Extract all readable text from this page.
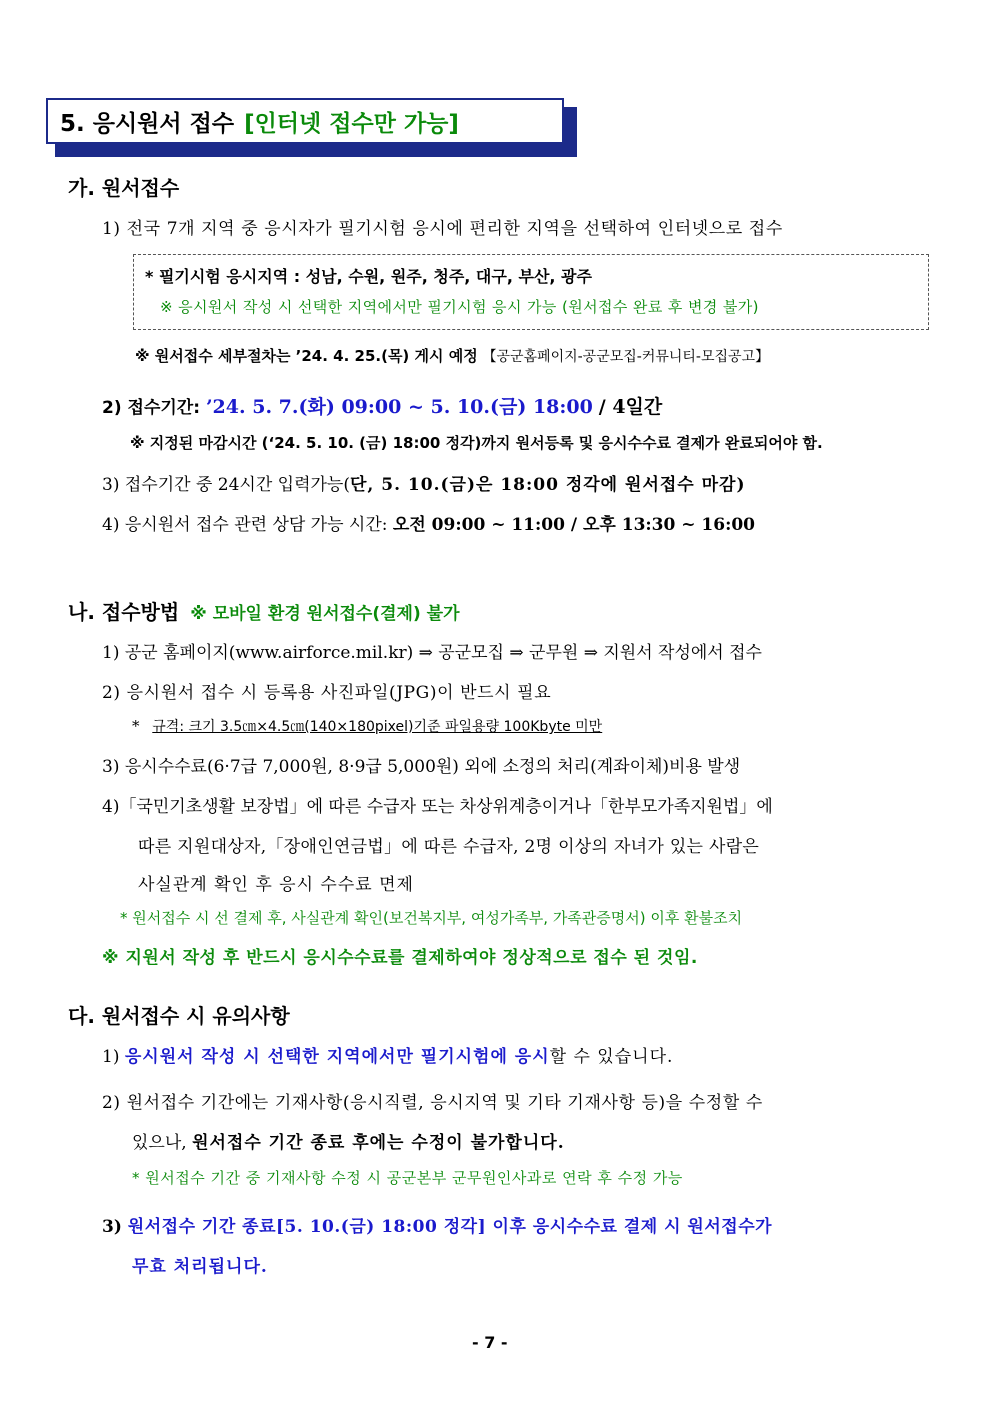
5. 응시원서 접수 [인터넷 접수만 가능]
가. 원서접수
1) 전국 7개 지역 중 응시자가 필기시험 응시에 편리한 지역을 선택하여 인터넷으로 접수
* 필기시험 응시지역 : 성남, 수원, 원주, 청주, 대구, 부산, 광주
※ 응시원서 작성 시 선택한 지역에서만 필기시험 응시 가능 (원서접수 완료 후 변경 불가)
※ 원서접수 세부절차는 ’24. 4. 25.(목) 게시 예정 【공군홈페이지-공군모집-커뮤니티-모집공고】
2) 접수기간: ’24. 5. 7.(화) 09:00 ~ 5. 10.(금) 18:00 / 4일간
※ 지정된 마감시간 (‘24. 5. 10. (금) 18:00 정각)까지 원서등록 및 응시수수료 결제가 완료되어야 함.
3) 접수기간 중 24시간 입력가능(단, 5. 10.(금)은 18:00 정각에 원서접수 마감)
4) 응시원서 접수 관련 상담 가능 시간: 오전 09:00 ~ 11:00 / 오후 13:30 ~ 16:00
나. 접수방법 ※ 모바일 환경 원서접수(결제) 불가
1) 공군 홈페이지(www.airforce.mil.kr) ⇒ 공군모집 ⇒ 군무원 ⇒ 지원서 작성에서 접수
2) 응시원서 접수 시 등록용 사진파일(JPG)이 반드시 필요
* 규격: 크기 3.5㎝×4.5㎝(140×180pixel)기준 파일용량 100Kbyte 미만
3) 응시수수료(6·7급 7,000원, 8·9급 5,000원) 외에 소정의 처리(계좌이체)비용 발생
4)「국민기초생활 보장법」에 따른 수급자 또는 차상위계층이거나「한부모가족지원법」에
따른 지원대상자,「장애인연금법」에 따른 수급자, 2명 이상의 자녀가 있는 사람은
사실관계 확인 후 응시 수수료 면제
* 원서접수 시 선 결제 후, 사실관계 확인(보건복지부, 여성가족부, 가족관증명서) 이후 환불조치
※ 지원서 작성 후 반드시 응시수수료를 결제하여야 정상적으로 접수 된 것임.
다. 원서접수 시 유의사항
1) 응시원서 작성 시 선택한 지역에서만 필기시험에 응시할 수 있습니다.
2) 원서접수 기간에는 기재사항(응시직렬, 응시지역 및 기타 기재사항 등)을 수정할 수
있으나, 원서접수 기간 종료 후에는 수정이 불가합니다.
* 원서접수 기간 중 기재사항 수정 시 공군본부 군무원인사과로 연락 후 수정 가능
3) 원서접수 기간 종료[5. 10.(금) 18:00 정각] 이후 응시수수료 결제 시 원서접수가
무효 처리됩니다.
- 7 -
